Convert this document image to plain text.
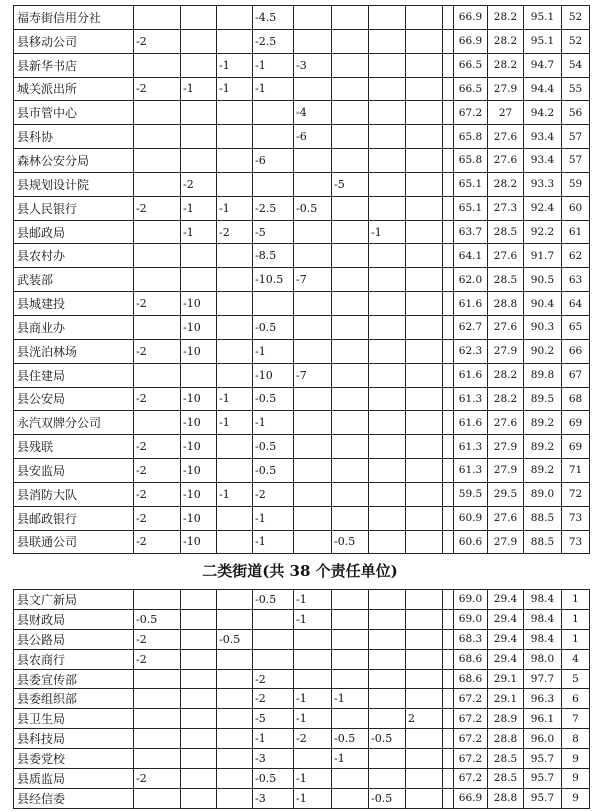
福寿街信用分社				-4.5						66.9	28.2	95.1	52
县移动公司	-2			-2.5						66.9	28.2	95.1	52
县新华书店			-1	-1	-3					66.5	28.2	94.7	54
城关派出所	-2	-1	-1	-1						66.5	27.9	94.4	55
县市管中心					-4					67.2	27	94.2	56
县科协					-6					65.8	27.6	93.4	57
森林公安分局				-6						65.8	27.6	93.4	57
县规划设计院		-2				-5				65.1	28.2	93.3	59
县人民银行	-2	-1	-1	-2.5	-0.5					65.1	27.3	92.4	60
县邮政局		-1	-2	-5			-1			63.7	28.5	92.2	61
县农村办				-8.5						64.1	27.6	91.7	62
武装部				-10.5	-7					62.0	28.5	90.5	63
县城建投	-2	-10								61.6	28.8	90.4	64
县商业办		-10		-0.5						62.7	27.6	90.3	65
县洸泊林场	-2	-10		-1						62.3	27.9	90.2	66
县住建局				-10	-7					61.6	28.2	89.8	67
县公安局	-2	-10	-1	-0.5						61.3	28.2	89.5	68
永汽双牌分公司		-10	-1	-1						61.6	27.6	89.2	69
县残联	-2	-10		-0.5						61.3	27.9	89.2	69
县安监局	-2	-10		-0.5						61.3	27.9	89.2	71
县消防大队	-2	-10	-1	-2						59.5	29.5	89.0	72
县邮政银行	-2	-10		-1						60.9	27.6	88.5	73
县联通公司	-2	-10		-1		-0.5				60.6	27.9	88.5	73
二类街道(共 38 个责任单位)
县文广新局				-0.5	-1					69.0	29.4	98.4	1
县财政局	-0.5				-1					69.0	29.4	98.4	1
县公路局	-2		-0.5							68.3	29.4	98.4	1
县农商行	-2									68.6	29.4	98.0	4
县委宣传部				-2						68.6	29.1	97.7	5
县委组织部				-2	-1	-1				67.2	29.1	96.3	6
县卫生局				-5	-1			2		67.2	28.9	96.1	7
县科技局				-1	-2	-0.5	-0.5			67.2	28.8	96.0	8
县委党校				-3		-1				67.2	28.5	95.7	9
县质监局	-2			-0.5	-1					67.2	28.5	95.7	9
县经信委				-3	-1		-0.5			66.9	28.8	95.7	9
